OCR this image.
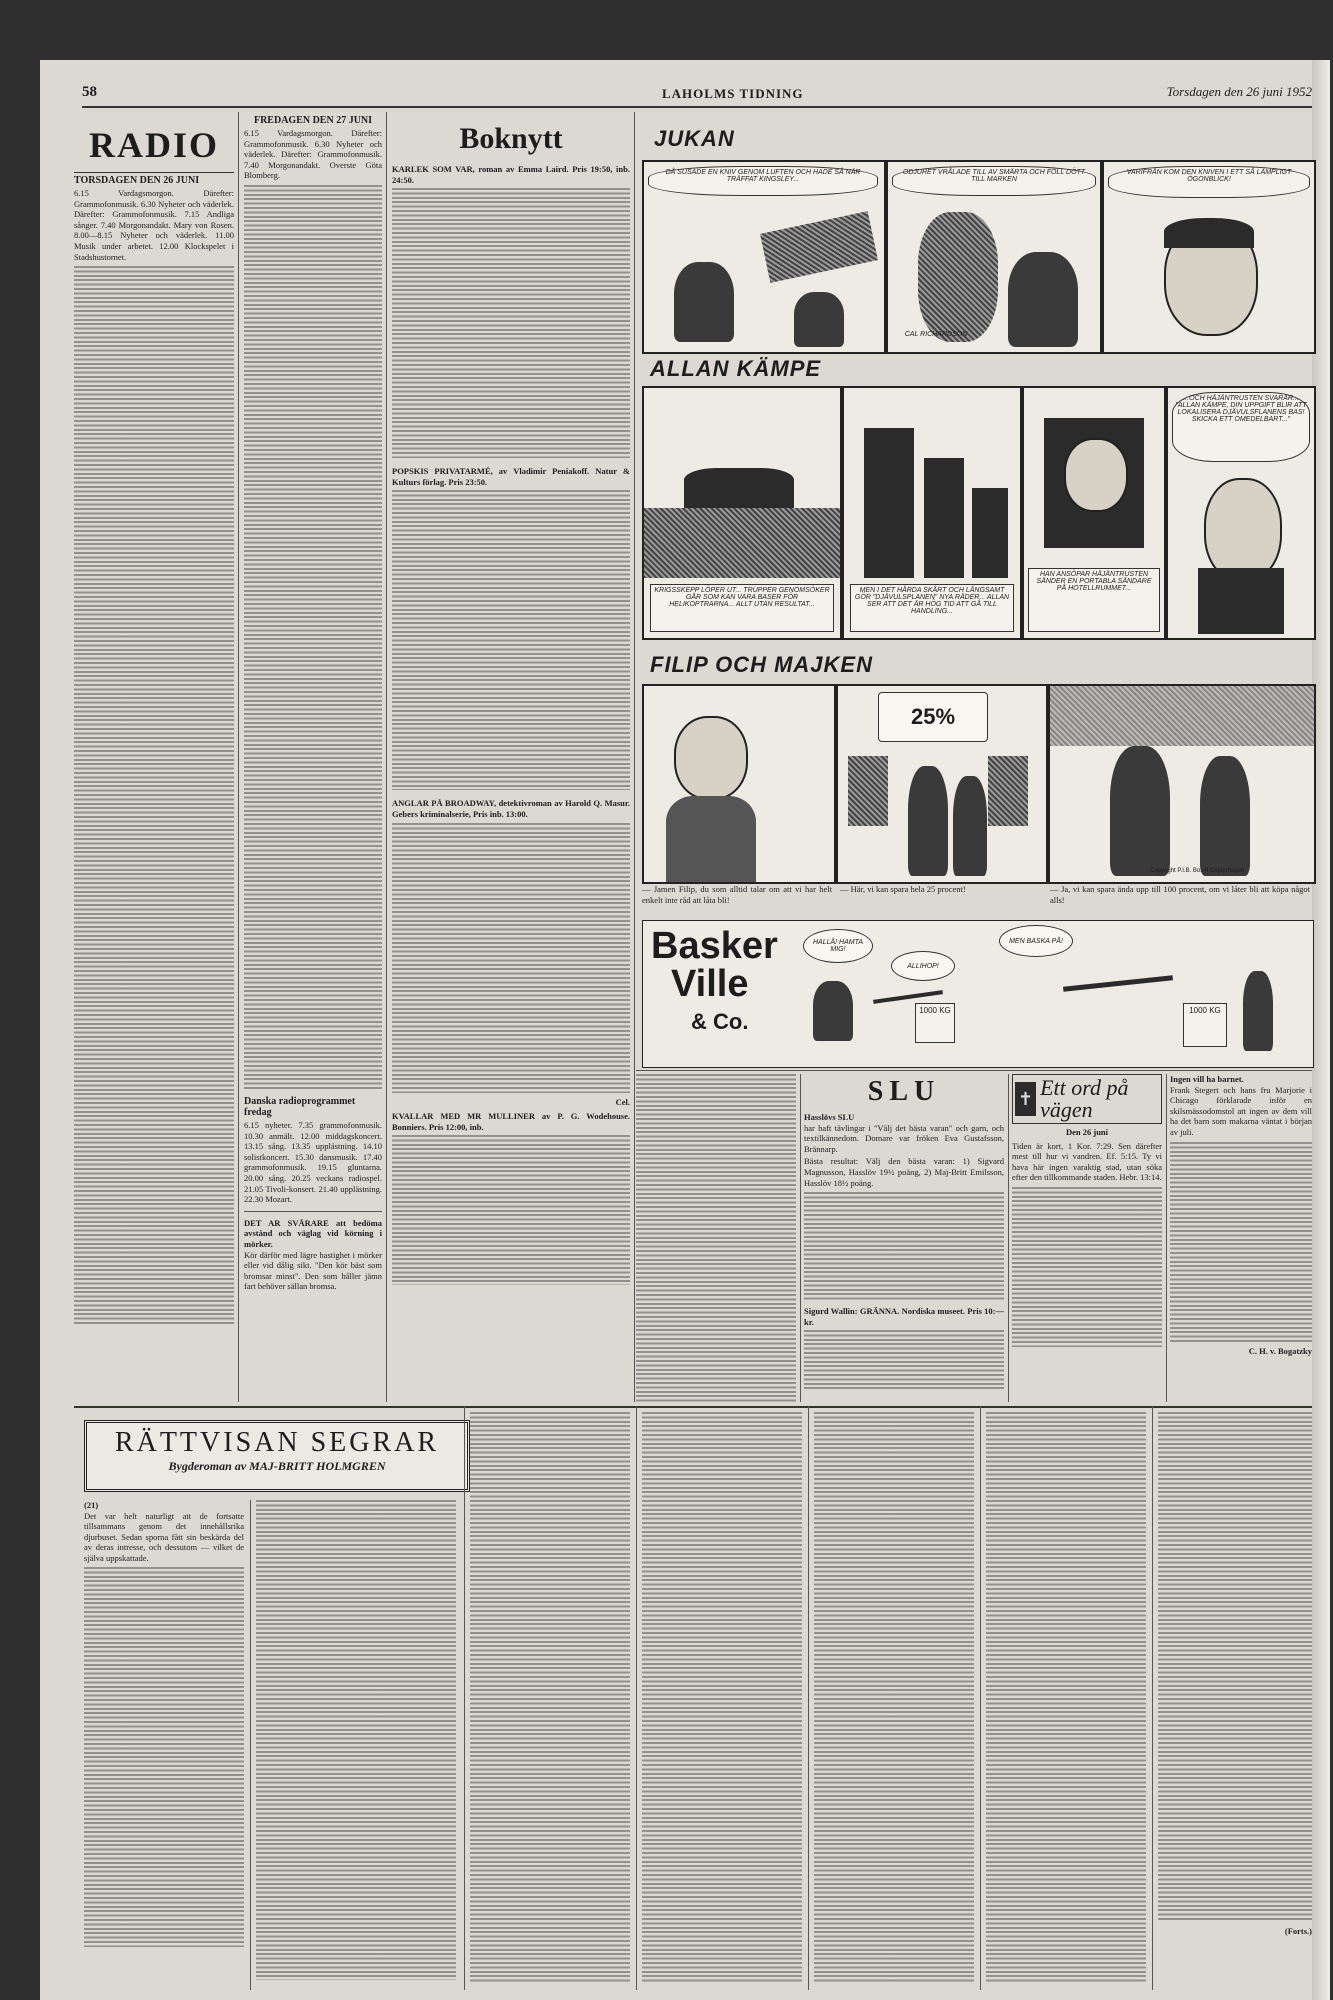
58	LAHOLMS TIDNING	Torsdagen den 26 juni 1952
RADIO
TORSDAGEN DEN 26 JUNI
6.15 Vardagsmorgon. Därefter: Grammofonmusik. 6.30 Nyheter och väderlek. Därefter: Grammofonmusik. 7.15 Andliga sånger. 7.40 Morgonandakt. Mary von Rosen. 8.00—8.15 Nyheter och väderlek. 11.00 Musik under arbetet. 12.00 Klockspelet i Stadshustornet.
FREDAGEN DEN 27 JUNI
6.15 Vardagsmorgon. Därefter: Grammofonmusik. 6.30 Nyheter och väderlek. Därefter: Grammofonmusik. 7.40 Morgonandakt. Overste Göta Blomberg.
Danska radioprogrammet fredag
6.15 nyheter. 7.35 grammofonmusik. 10.30 anmält. 12.00 middagskoncert. 13.15 sång. 13.35 upplästning. 14.10 solistkoncert. 15.30 dansmusik. 17.40 grammofonmusik. 19.15 gluntarna. 20.00 sång. 20.25 veckans radiospel. 21.05 Tivoli-konsert. 21.40 upplästning. 22.30 Mozart.
DET AR SVÅRARE att bedöma avstånd och väglag vid körning i mörker.
Kör därför med lägre hastighet i mörker eller vid dålig sikt. "Den kör bäst som bromsar minst". Den som håller jämn fart behöver sällan bromsa.
Boknytt
KARLEK SOM VAR, roman av Emma Laird. Pris 19:50, inb. 24:50.
POPSKIS PRIVATARMÉ, av Vladimir Peniakoff. Natur & Kulturs förlag. Pris 23:50.
ANGLAR PÅ BROADWAY, detektivroman av Harold Q. Masur. Gebers kriminalserie, Pris inb. 13:00.
Cel.
KVALLAR MED MR MULLINER av P. G. Wodehouse. Bonniers. Pris 12:00, inb.
JUKAN
DÅ SUSADE EN KNIV GENOM LUFTEN OCH HADE SÅ NÄR TRÄFFAT KINGSLEY...
ODJURET VRÅLADE TILL AV SMÄRTA OCH FÖLL DÖTT TILL MARKEN
CAL RICHARDSON
VARIFRÅN KOM DEN KNIVEN I ETT SÅ LÄMPLIGT ÖGONBLICK!
ALLAN KÄMPE
KRIGSSKEPP LÖPER UT... TRUPPER GENOMSÖKER GÅR SOM KAN VARA BASER FÖR HELIKOPTRARNA... ALLT UTAN RESULTAT...
MEN I DET HÅRDA SKÅRT OCH LÅNGSAMT GÖR "DJÄVULSPLANEN" NYA RÄDER... ALLAN SER ATT DET ÄR HÖG TID ATT GÅ TILL HANDLING...
HAN ANSÖPAR HÄJÄNTRUSTEN SÄNDER EN PORTABLA SÄNDARE PÅ HOTELLRUMMET...
...OCH HÄJÄNTRUSTEN SVARAR... "ALLAN KÄMPE, DIN UPPGIFT BLIR ATT LOKALISERA DJÄVULSFLANENS BAS! SKICKA ETT OMEDELBART..."
FILIP OCH MAJKEN
25%
Copyright P.I.B. Box 6 Copenhagen
— Jamen Filip, du som alltid talar om att vi har helt enkelt inte råd att låta bli!
— Här, vi kan spara hela 25 procent!	— Ja, vi kan spara ända upp till 100 procent, om vi låter bli att köpa något alls!
Basker
Ville
& Co.
HALLÅ! HAMTA MIG!
MEN BASKA PÅ!
ALLIHOP!
1000 KG	1000 KG
SLU
Hasslövs SLU
har haft tävlingar i "Välj det bästa varan" och garn, och textilkännedom. Domare var fröken Eva Gustafsson, Brännarp.
Bästa resultat: Välj den bästa varan: 1) Sigvard Magnusson, Hasslöv 19½ poäng, 2) Maj-Britt Emilsson, Hasslöv 18½ poäng.
Sigurd Wallin: GRÄNNA. Nordiska museet. Pris 10:— kr.
✝ Ett ord på vägen
Den 26 juni
Tiden är kort, 1 Kor. 7:29. Sen därefter mest till hur vi vandren. Ef. 5:15. Ty vi hava här ingen varaktig stad, utan söka efter den tillkommande staden. Hebr. 13:14.
Ingen vill ha barnet.
Frank Stegert och hans fru Marjorie i Chicago förklarade inför en skilsmässodomstol att ingen av dem vill ha det barn som makarna väntat i början av juli.
C. H. v. Bogatzky
RÄTTVISAN SEGRAR
Bygderoman av MAJ-BRITT HOLMGREN
(21)
Det var helt naturligt att de fortsatte tillsammans genom det innehållsrika djurbuset. Sedan sporna fått sin beskärda del av deras intresse, och dessutom — vilket de själva uppskattade.
(Forts.)
